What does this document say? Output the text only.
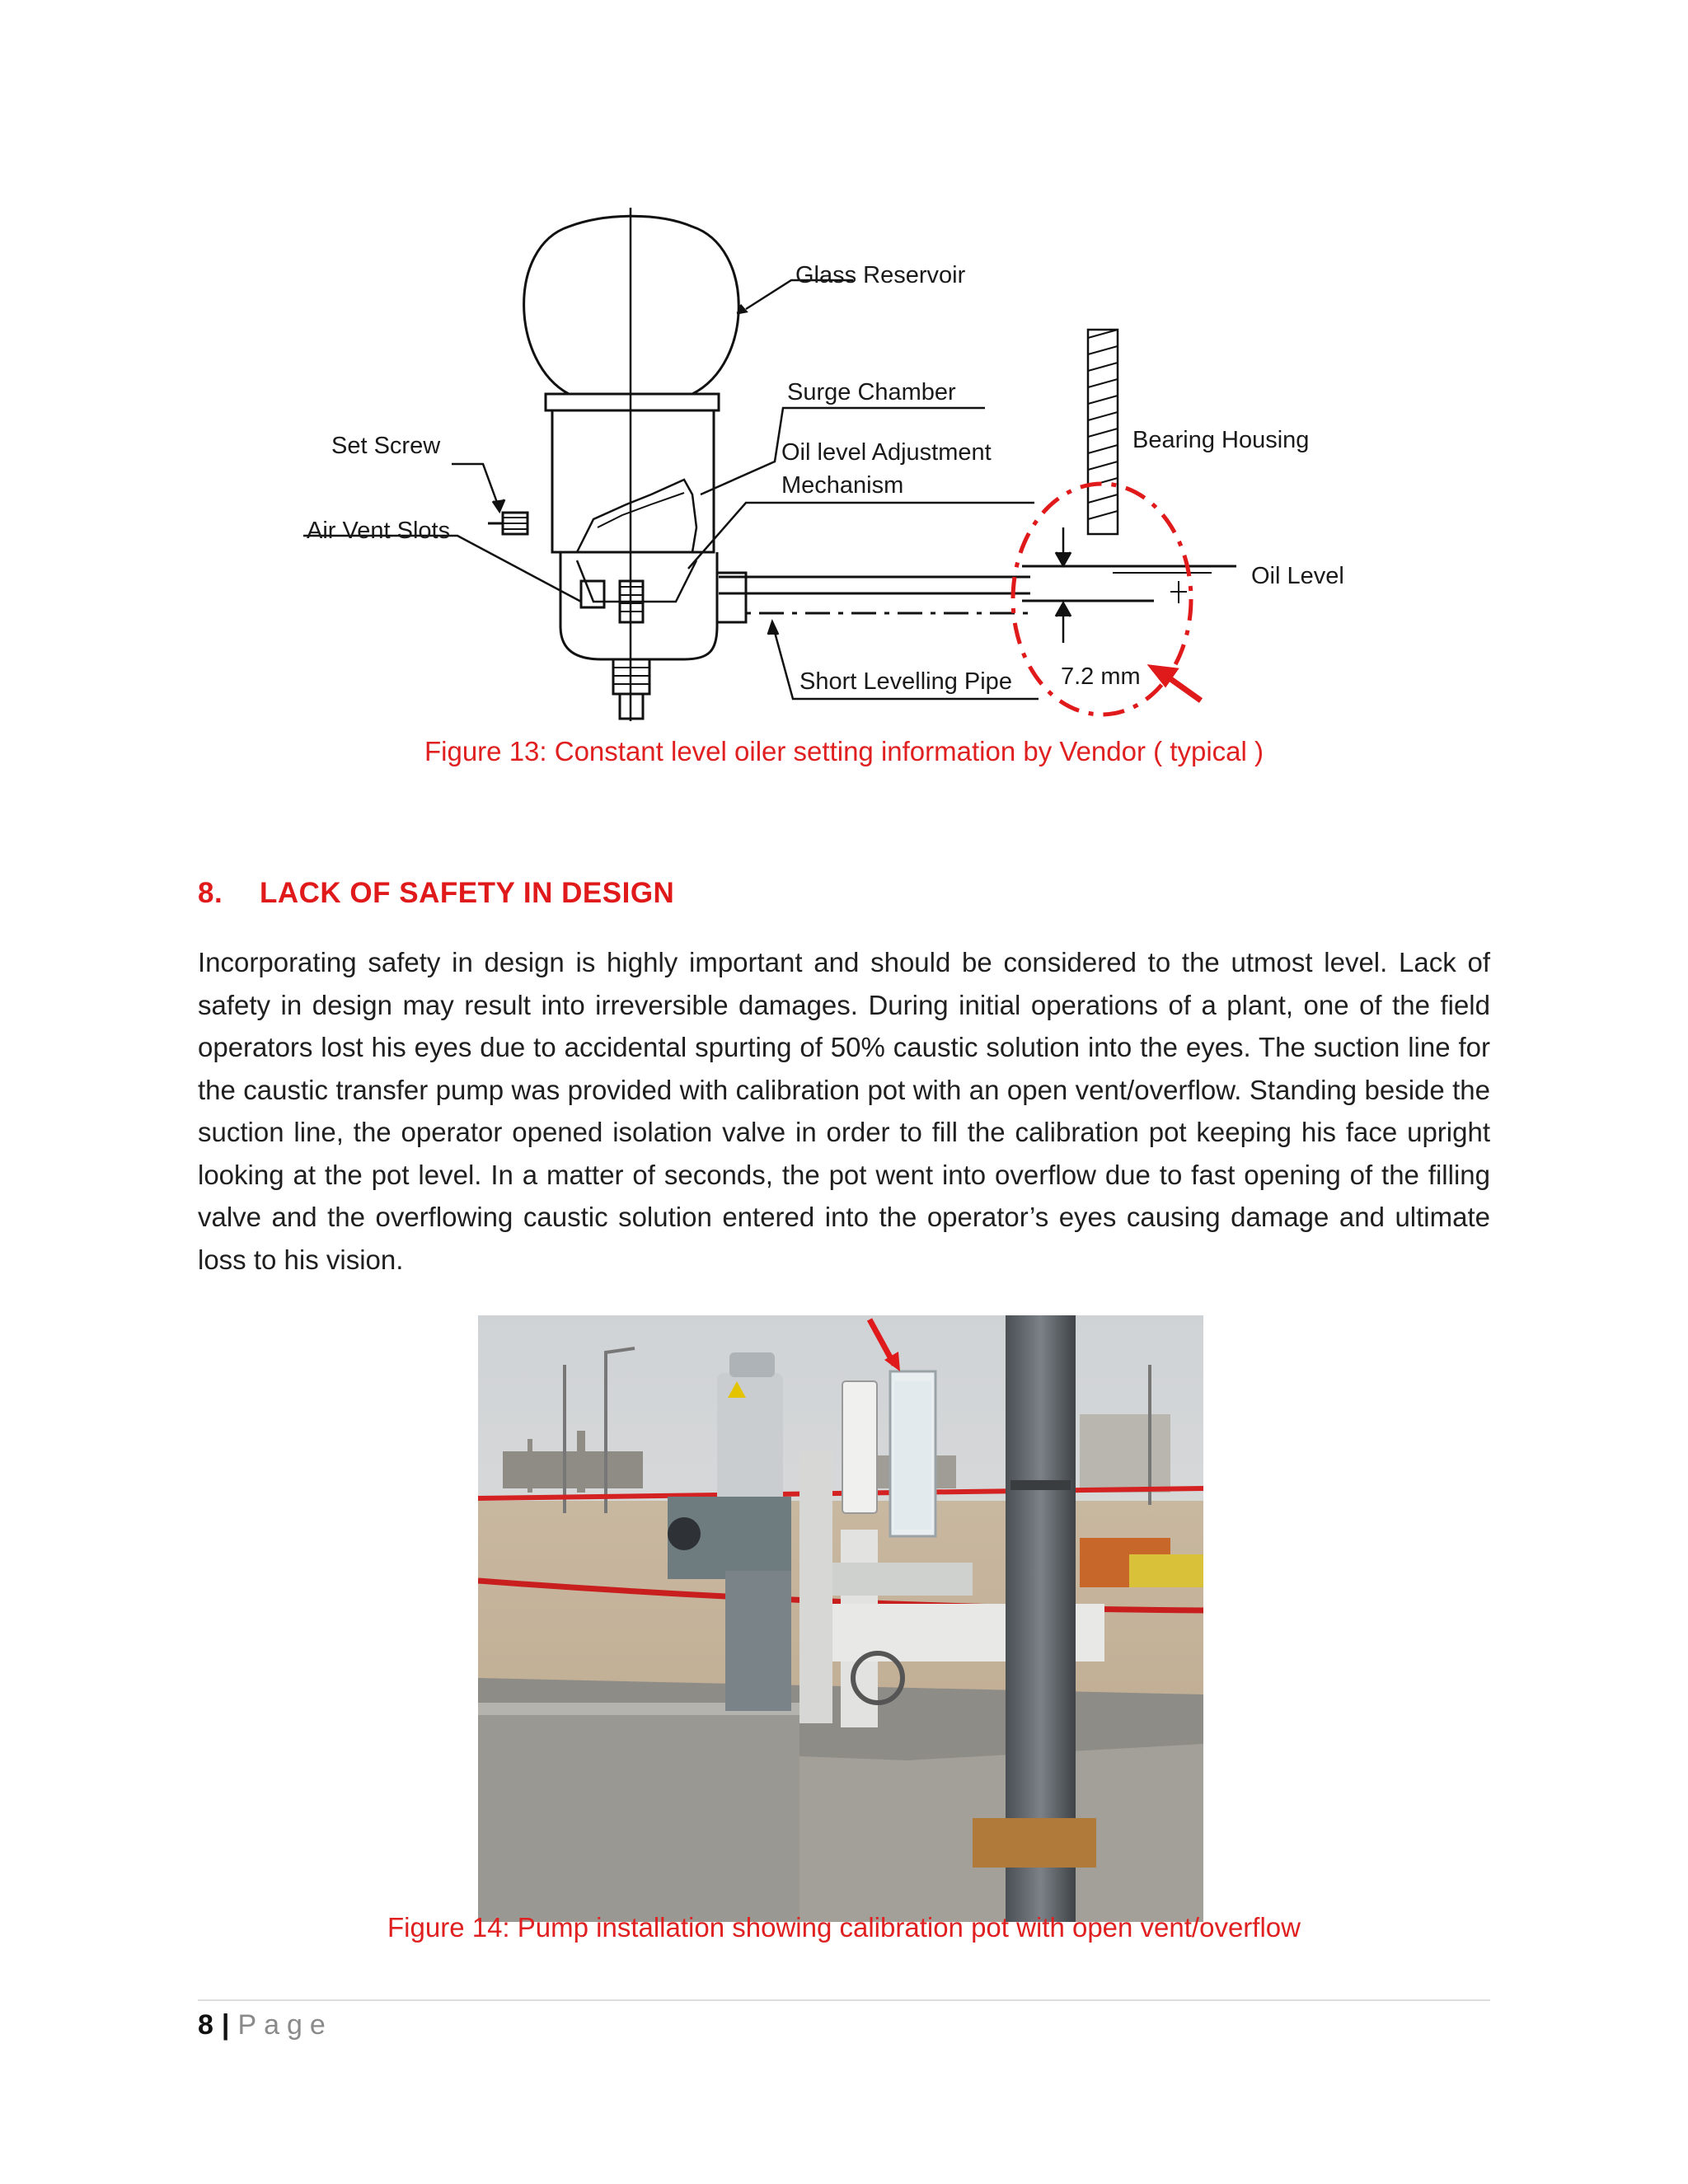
Glass Reservoir
Surge Chamber
Set Screw	Bearing Housing
Oil level Adjustment
Mechanism
Air Vent Slots
Oil Level
Short Levelling Pipe 7.2 mm
Figure 13: Constant level oiler setting information by Vendor ( typical )
8. LACK OF SAFETY IN DESIGN
Incorporating safety in design is highly important and should be considered to the utmost level. Lack of safety in design may result into irreversible damages. During initial operations of a plant, one of the field operators lost his eyes due to accidental spurting of 50% caustic solution into the eyes. The suction line for the caustic transfer pump was provided with calibration pot with an open vent/overflow. Standing beside the suction line, the operator opened isolation valve in order to fill the calibration pot keeping his face upright looking at the pot level. In a matter of seconds, the pot went into overflow due to fast opening of the filling valve and the overflowing caustic solution entered into the operator’s eyes causing damage and ultimate loss to his vision.
Figure 14: Pump installation showing calibration pot with open vent/overflow
8 | Page
